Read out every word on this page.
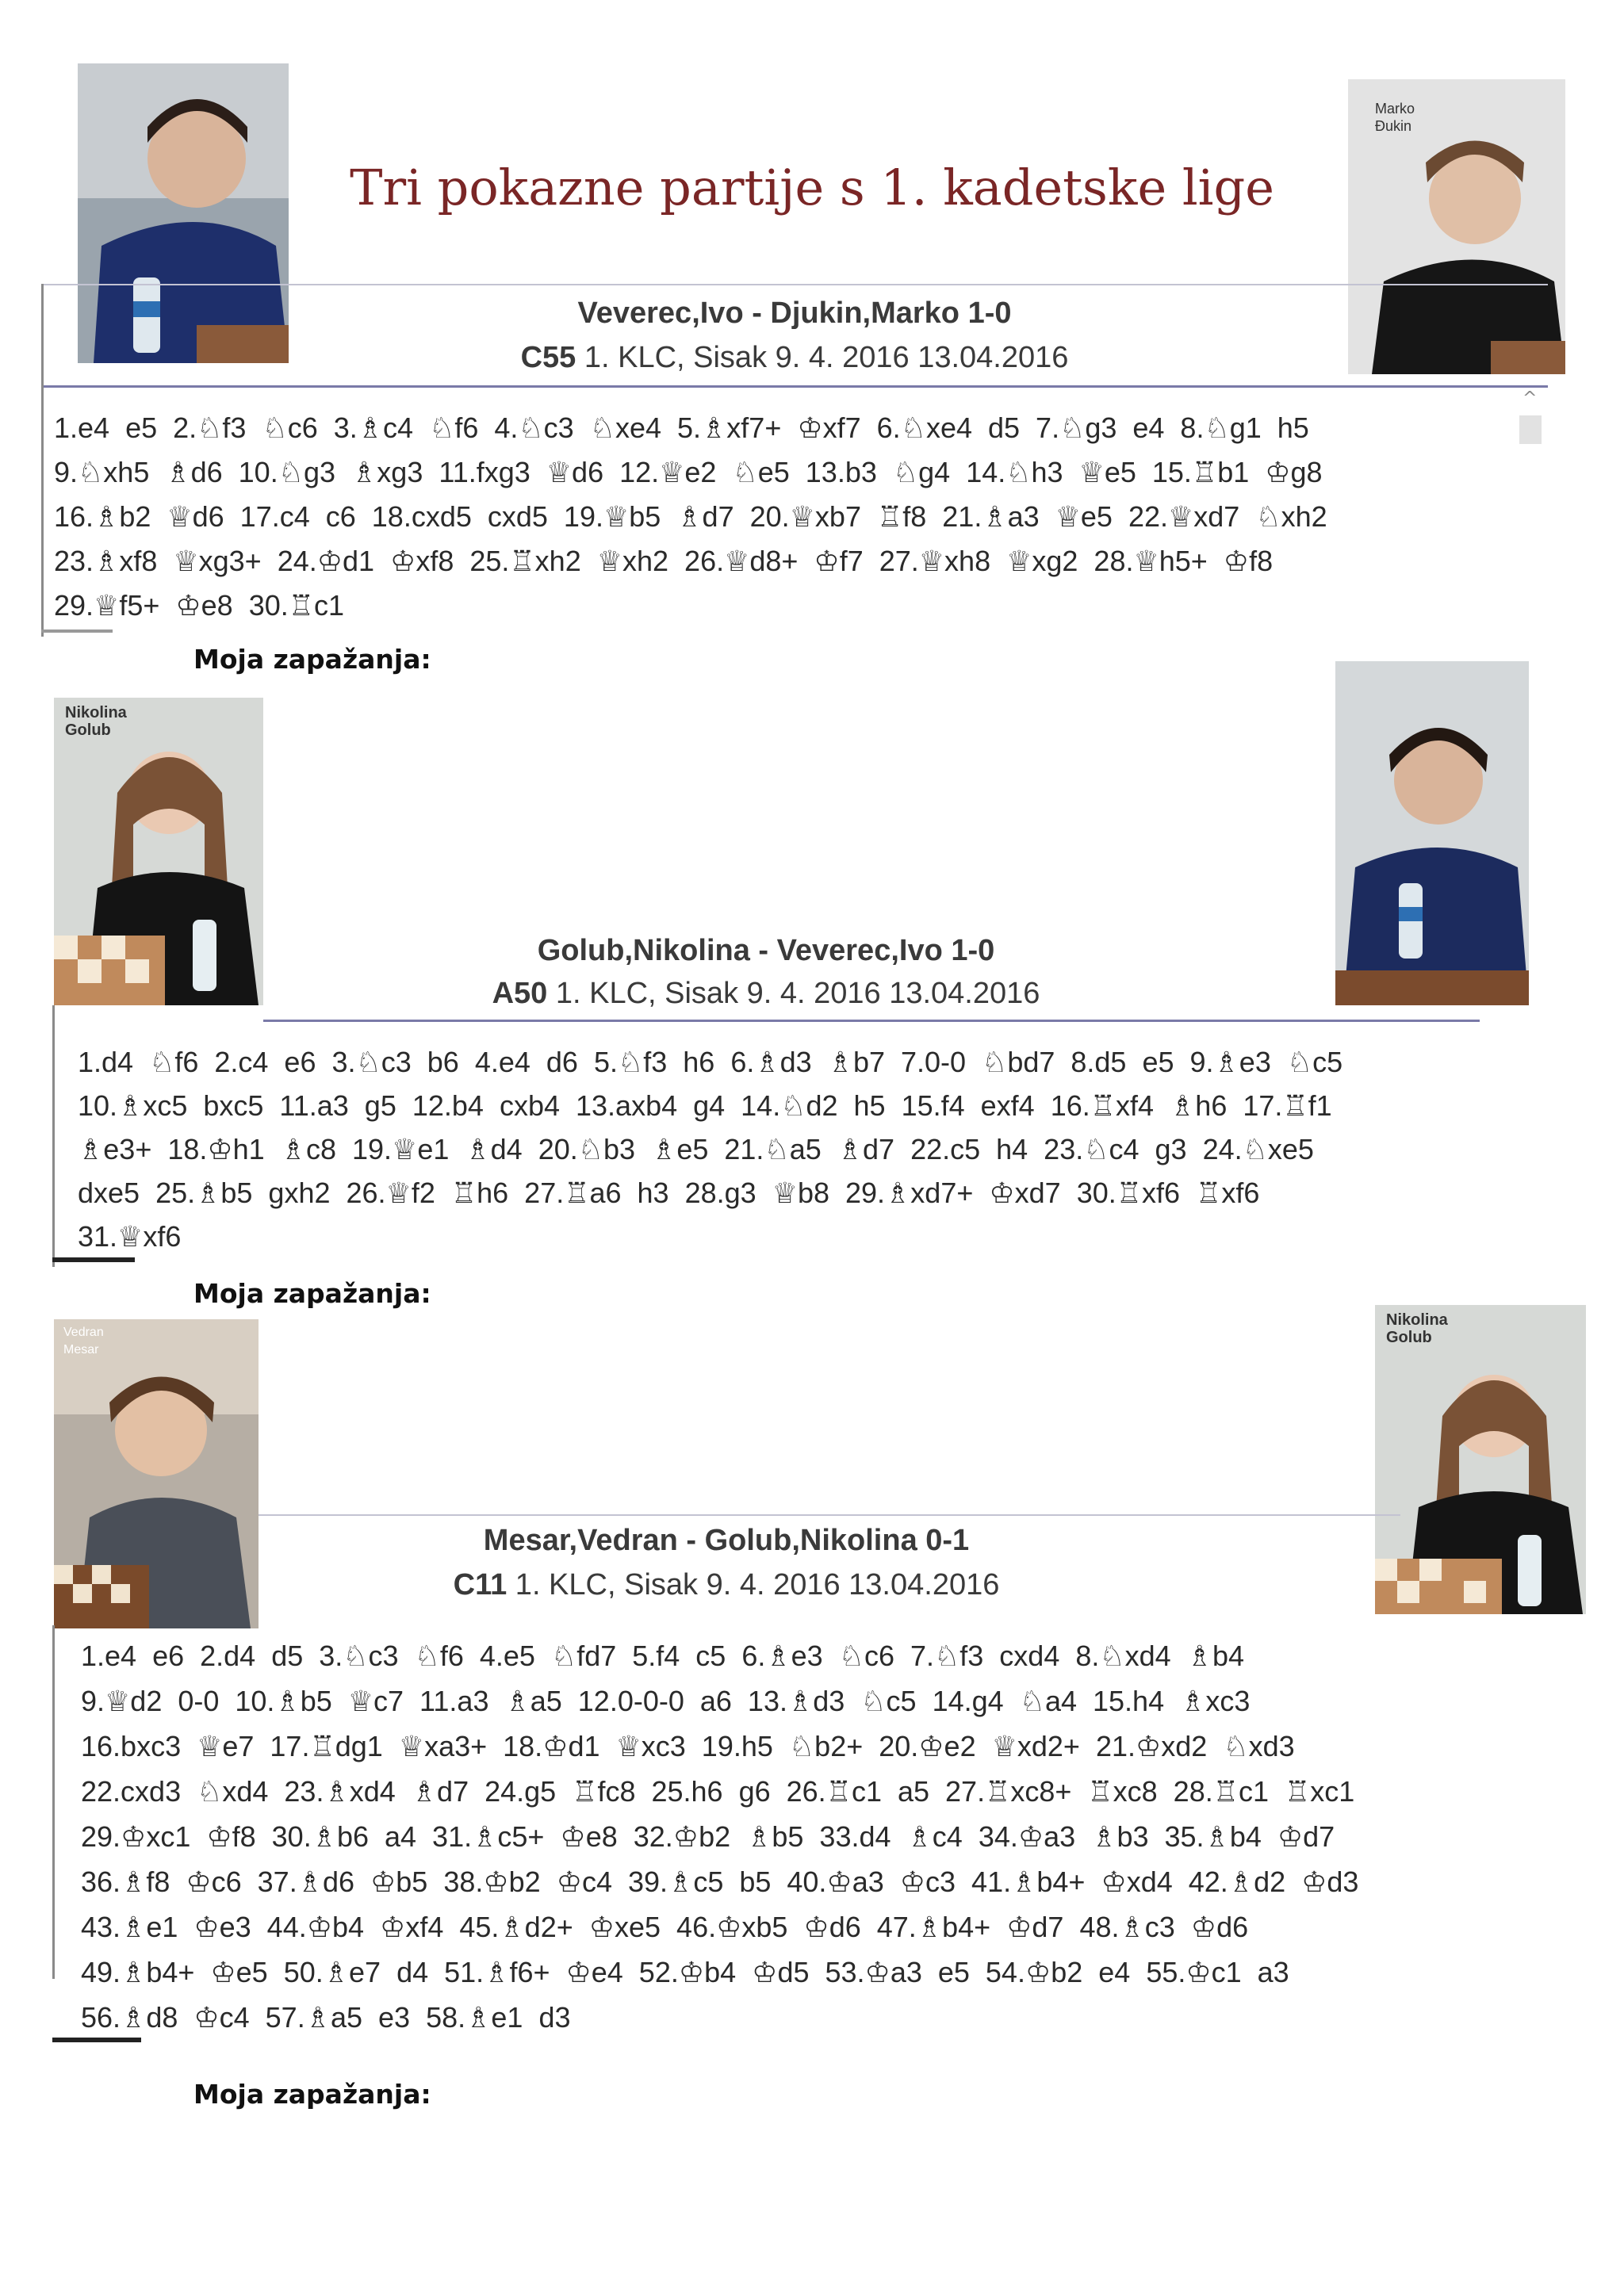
Tri pokazne partije s 1. kadetske lige
Marko
Đukin
Veverec,Ivo - Djukin,Marko 1-0
C55 1. KLC, Sisak 9. 4. 2016 13.04.2016
1.e4  e5  2.♘f3  ♘c6  3.♗c4  ♘f6  4.♘c3  ♘xe4  5.♗xf7+  ♔xf7  6.♘xe4  d5  7.♘g3  e4  8.♘g1  h5
9.♘xh5  ♗d6  10.♘g3  ♗xg3  11.fxg3  ♕d6  12.♕e2  ♘e5  13.b3  ♘g4  14.♘h3  ♕e5  15.♖b1  ♔g8
16.♗b2  ♕d6  17.c4  c6  18.cxd5  cxd5  19.♕b5  ♗d7  20.♕xb7  ♖f8  21.♗a3  ♕e5  22.♕xd7  ♘xh2
23.♗xf8  ♕xg3+  24.♔d1  ♔xf8  25.♖xh2  ♕xh2  26.♕d8+  ♔f7  27.♕xh8  ♕xg2  28.♕h5+  ♔f8
29.♕f5+  ♔e8  30.♖c1
^
Moja zapažanja:
Nikolina
Golub
Golub,Nikolina - Veverec,Ivo 1-0
A50 1. KLC, Sisak 9. 4. 2016 13.04.2016
1.d4  ♘f6  2.c4  e6  3.♘c3  b6  4.e4  d6  5.♘f3  h6  6.♗d3  ♗b7  7.0-0  ♘bd7  8.d5  e5  9.♗e3  ♘c5
10.♗xc5  bxc5  11.a3  g5  12.b4  cxb4  13.axb4  g4  14.♘d2  h5  15.f4  exf4  16.♖xf4  ♗h6  17.♖f1
♗e3+  18.♔h1  ♗c8  19.♕e1  ♗d4  20.♘b3  ♗e5  21.♘a5  ♗d7  22.c5  h4  23.♘c4  g3  24.♘xe5
dxe5  25.♗b5  gxh2  26.♕f2  ♖h6  27.♖a6  h3  28.g3  ♕b8  29.♗xd7+  ♔xd7  30.♖xf6  ♖xf6
31.♕xf6
Moja zapažanja:
Vedran
Mesar
Nikolina
Golub
Mesar,Vedran - Golub,Nikolina 0-1
C11 1. KLC, Sisak 9. 4. 2016 13.04.2016
1.e4  e6  2.d4  d5  3.♘c3  ♘f6  4.e5  ♘fd7  5.f4  c5  6.♗e3  ♘c6  7.♘f3  cxd4  8.♘xd4  ♗b4
9.♕d2  0-0  10.♗b5  ♕c7  11.a3  ♗a5  12.0-0-0  a6  13.♗d3  ♘c5  14.g4  ♘a4  15.h4  ♗xc3
16.bxc3  ♕e7  17.♖dg1  ♕xa3+  18.♔d1  ♕xc3  19.h5  ♘b2+  20.♔e2  ♕xd2+  21.♔xd2  ♘xd3
22.cxd3  ♘xd4  23.♗xd4  ♗d7  24.g5  ♖fc8  25.h6  g6  26.♖c1  a5  27.♖xc8+  ♖xc8  28.♖c1  ♖xc1
29.♔xc1  ♔f8  30.♗b6  a4  31.♗c5+  ♔e8  32.♔b2  ♗b5  33.d4  ♗c4  34.♔a3  ♗b3  35.♗b4  ♔d7
36.♗f8  ♔c6  37.♗d6  ♔b5  38.♔b2  ♔c4  39.♗c5  b5  40.♔a3  ♔c3  41.♗b4+  ♔xd4  42.♗d2  ♔d3
43.♗e1  ♔e3  44.♔b4  ♔xf4  45.♗d2+  ♔xe5  46.♔xb5  ♔d6  47.♗b4+  ♔d7  48.♗c3  ♔d6
49.♗b4+  ♔e5  50.♗e7  d4  51.♗f6+  ♔e4  52.♔b4  ♔d5  53.♔a3  e5  54.♔b2  e4  55.♔c1  a3
56.♗d8  ♔c4  57.♗a5  e3  58.♗e1  d3
Moja zapažanja:
